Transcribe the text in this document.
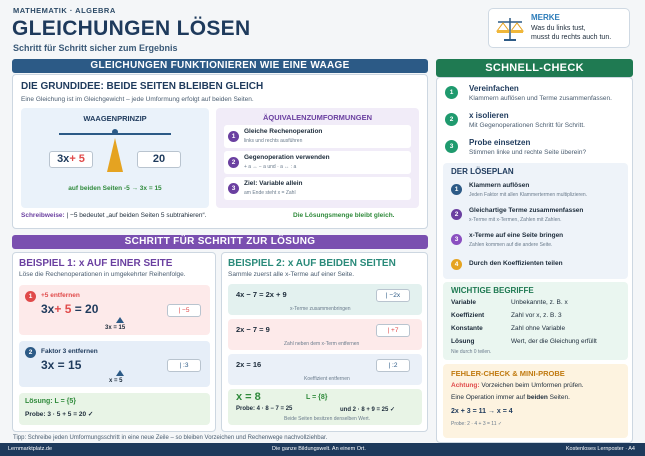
MATHEMATIK · ALGEBRA
GLEICHUNGEN LÖSEN
Schritt für Schritt sicher zum Ergebnis
MERKE
Was du links tust,
musst du rechts auch tun.
GLEICHUNGEN FUNKTIONIEREN WIE EINE WAAGE
DIE GRUNDIDEE: BEIDE SEITEN BLEIBEN GLEICH
Eine Gleichung ist im Gleichgewicht – jede Umformung erfolgt auf beiden Seiten.
WAAGENPRINZIP
3x+ 5	20
auf beiden Seiten -5 → 3x = 15
ÄQUIVALENZUMFORMUNGEN
1
Gleiche Rechenoperation
links und rechts ausführen
2
Gegenoperation verwenden
+ a ↔ − a und · a ↔ : a
3
Ziel: Variable allein
am Ende steht x = Zahl
Schreibweise: | −5 bedeutet „auf beiden Seiten 5 subtrahieren“.	Die Lösungsmenge bleibt gleich.
SCHRITT FÜR SCHRITT ZUR LÖSUNG
BEISPIEL 1: x AUF EINER SEITE
Löse die Rechenoperationen in umgekehrter Reihenfolge.
1	+5 entfernen
3x+ 5 = 20	| −5
3x = 15
2	Faktor 3 entfernen
3x = 15	| :3
x = 5
Lösung: L = {5}
Probe: 3 · 5 + 5 = 20 ✓
BEISPIEL 2: x AUF BEIDEN SEITEN
Sammle zuerst alle x-Terme auf einer Seite.
4x − 7 = 2x + 9	| −2x
x-Terme zusammenbringen
2x − 7 = 9	| +7
Zahl neben dem x-Term entfernen
2x = 16	| :2
Koeffizient entfernen
x = 8	L = {8}
Probe: 4 · 8 − 7 = 25	und 2 · 8 + 9 = 25 ✓
Beide Seiten besitzen denselben Wert.
Tipp: Schreibe jeden Umformungsschritt in eine neue Zeile – so bleiben Vorzeichen und Rechenwege nachvollziehbar.
SCHNELL-CHECK
1	Vereinfachen
Klammern auflösen und Terme zusammenfassen.
2	x isolieren
Mit Gegenoperationen Schritt für Schritt.
3	Probe einsetzen
Stimmen linke und rechte Seite überein?
DER LÖSEPLAN
1
Klammern auflösen
Jeden Faktor mit allen Klammertermen multiplizieren.
2
Gleichartige Terme zusammenfassen
x-Terme mit x-Termen, Zahlen mit Zahlen.
3
x-Terme auf eine Seite bringen
Zahlen kommen auf die andere Seite.
4	Durch den Koeffizienten teilen
WICHTIGE BEGRIFFE
Variable	Unbekannte, z. B. x
Koeffizient	Zahl vor x, z. B. 3
Konstante	Zahl ohne Variable
Lösung	Wert, der die Gleichung erfüllt
Nie durch 0 teilen.
FEHLER-CHECK & MINI-PROBE
Achtung: Vorzeichen beim Umformen prüfen.
Eine Operation immer auf beiden Seiten.
2x + 3 = 11 → x = 4
Probe: 2 · 4 + 3 = 11 ✓
Lernmarktplatz.de	Die ganze Bildungswelt. An einem Ort.	Kostenloses Lernposter · A4
